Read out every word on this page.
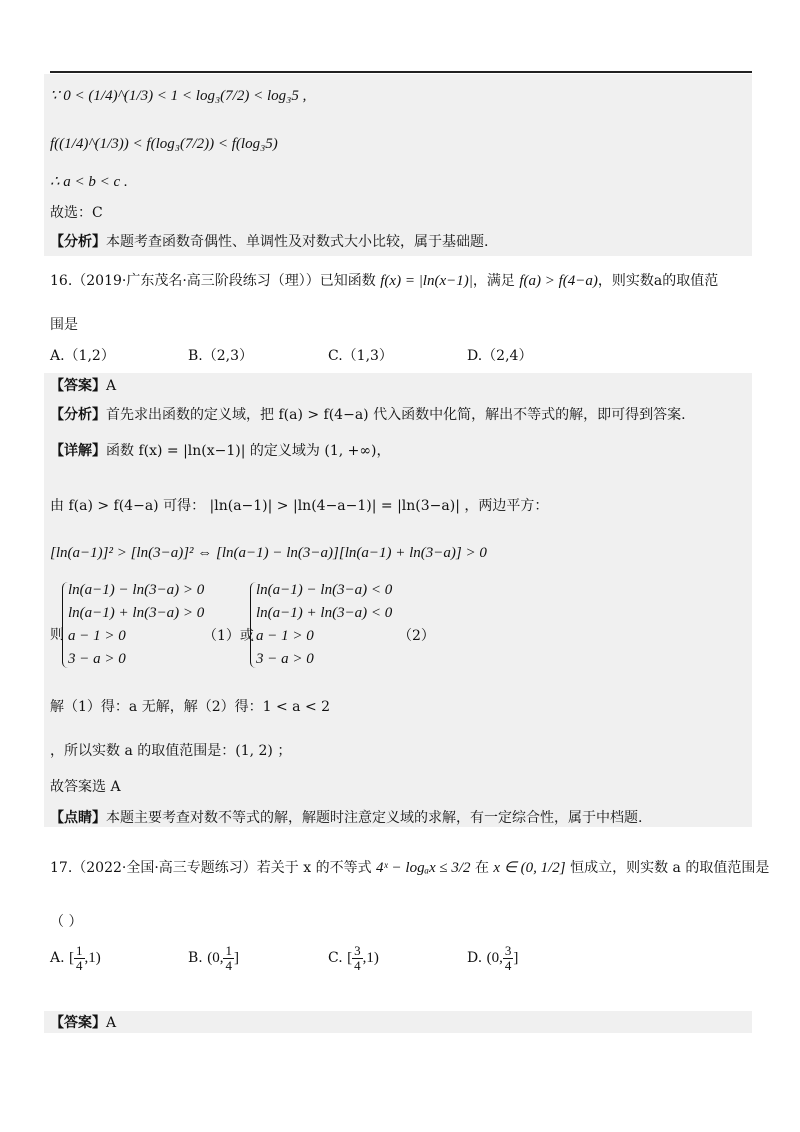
∵ 0 < (1/4)^(1/3) < 1 < log₃(7/2) < log₃5 ,
f((1/4)^(1/3)) < f(log₃(7/2)) < f(log₃5)
∴ a < b < c .
故选：C
【分析】本题考查函数奇偶性、单调性及对数式大小比较，属于基础题.
16.（2019·广东茂名·高三阶段练习（理））已知函数 f(x) = |ln(x−1)|，满足 f(a) > f(4−a)，则实数a的取值范
围是
A.（1,2）	B.（2,3）	C.（1,3）	D.（2,4）
【答案】A
【分析】首先求出函数的定义域，把 f(a) > f(4−a) 代入函数中化简，解出不等式的解，即可得到答案.
【详解】函数 f(x) = |ln(x−1)| 的定义域为 (1, +∞)，
由 f(a) > f(4−a) 可得： |ln(a−1)| > |ln(4−a−1)| = |ln(3−a)| ，两边平方：
[ln(a−1)]² > [ln(3−a)]² ⇔ [ln(a−1) − ln(3−a)][ln(a−1) + ln(3−a)] > 0
则
ln(a−1) − ln(3−a) > 0
ln(a−1) + ln(3−a) > 0
a − 1 > 0
3 − a > 0
（1）或
ln(a−1) − ln(3−a) < 0
ln(a−1) + ln(3−a) < 0
a − 1 > 0
3 − a > 0
（2）
解（1）得：a 无解，解（2）得：1 < a < 2
，所以实数 a 的取值范围是：(1, 2) ；
故答案选 A
【点睛】本题主要考查对数不等式的解，解题时注意定义域的求解，有一定综合性，属于中档题.
17.（2022·全国·高三专题练习）若关于 x 的不等式 4ˣ − logₐx ≤ 3/2 在 x ∈ (0, 1/2] 恒成立，则实数 a 的取值范围是
（ ）
A. [ $\frac{1}{4} ,1$)	B. (0, $\frac{1}{4}$ ]	C. [ $\frac{3}{4} ,1$)	D. (0, $\frac{3}{4}$ ]
【答案】A
